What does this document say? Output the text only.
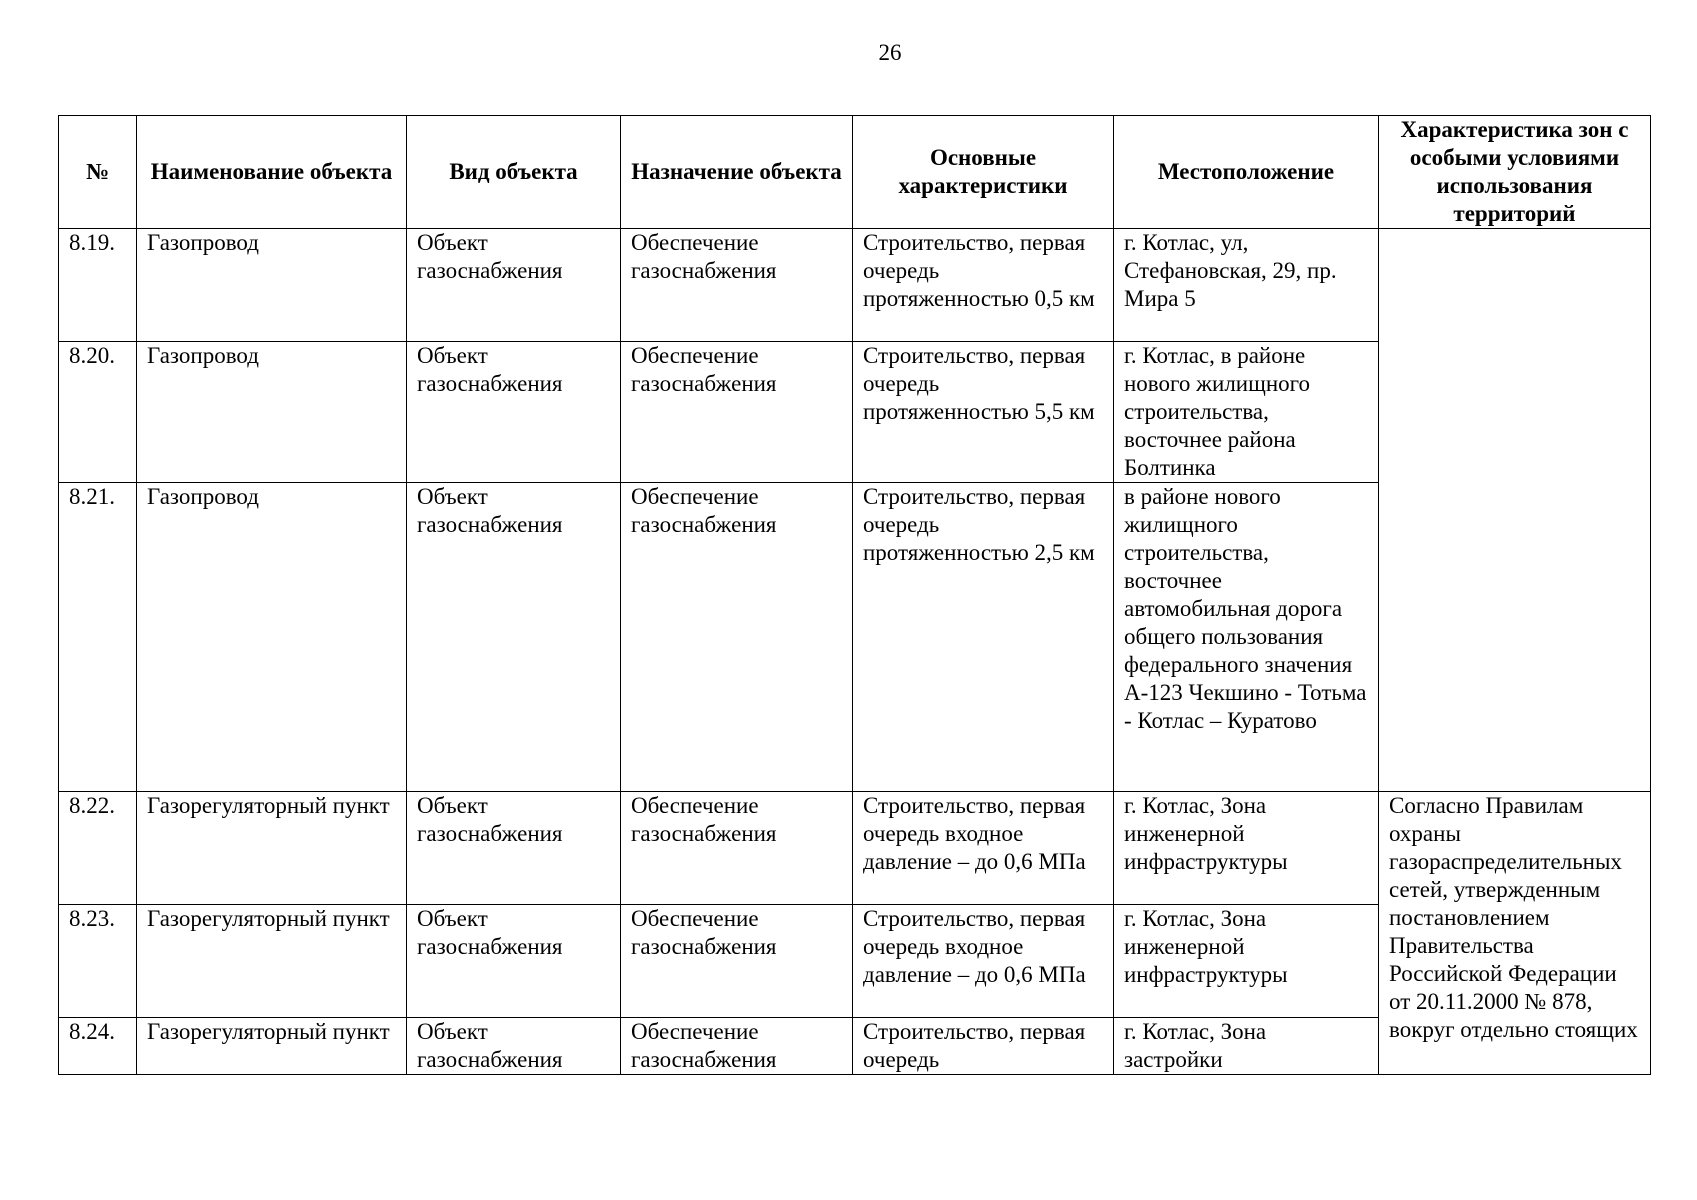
26
№	Наименование объекта	Вид объекта	Назначение объекта	Основные характеристики	Местоположение	Характеристика зон с особыми условиями использования территорий
8.19.	Газопровод	Объект газоснабжения	Обеспечение газоснабжения	Строительство, первая очередь протяженностью 0,5 км	г. Котлас, ул, Стефановская, 29, пр. Мира 5	
8.20.	Газопровод	Объект газоснабжения	Обеспечение газоснабжения	Строительство, первая очередь протяженностью 5,5 км	г. Котлас, в районе нового жилищного строительства, восточнее района Болтинка	
8.21.	Газопровод	Объект газоснабжения	Обеспечение газоснабжения	Строительство, первая очередь протяженностью 2,5 км	в районе нового жилищного строительства, восточнее автомобильная дорога общего пользования федерального значения А-123 Чекшино - Тотьма - Котлас – Куратово	
8.22.	Газорегуляторный пункт	Объект газоснабжения	Обеспечение газоснабжения	Строительство, первая очередь входное давление – до 0,6 МПа	г. Котлас, Зона инженерной инфраструктуры	Согласно Правилам охраны газораспределительных сетей, утвержденным постановлением Правительства Российской Федерации от 20.11.2000 № 878, вокруг отдельно стоящих
8.23.	Газорегуляторный пункт	Объект газоснабжения	Обеспечение газоснабжения	Строительство, первая очередь входное давление – до 0,6 МПа	г. Котлас, Зона инженерной инфраструктуры	
8.24.	Газорегуляторный пункт	Объект газоснабжения	Обеспечение газоснабжения	Строительство, первая очередь	г. Котлас, Зона застройки	
